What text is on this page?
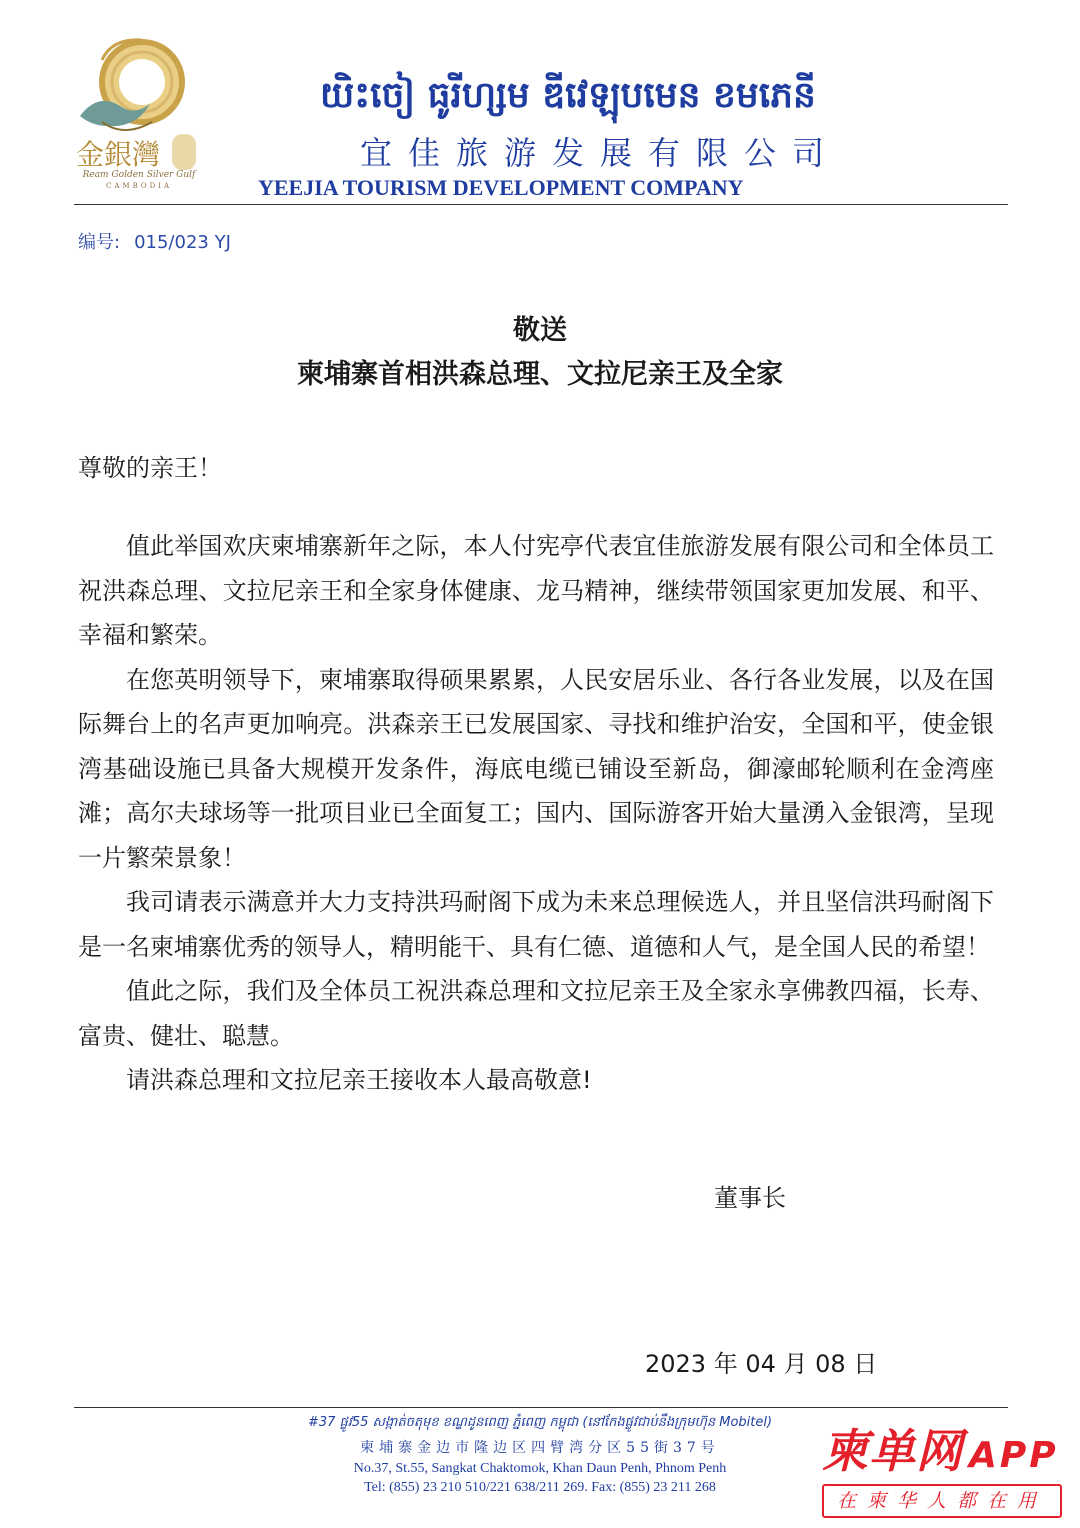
金銀灣
Ream Golden Silver Gulf
CAMBODIA
យិះចៀ ធូរីហ្សម ឌីវេឡុបមេន ខមភេនី
宜佳旅游发展有限公司
YEEJIA TOURISM DEVELOPMENT COMPANY
编号: 015/023 YJ
敬送
柬埔寨首相洪森总理、文拉尼亲王及全家
尊敬的亲王！

值此举国欢庆柬埔寨新年之际，本人付宪亭代表宜佳旅游发展有限公司和全体员工祝洪森总理、文拉尼亲王和全家身体健康、龙马精神，继续带领国家更加发展、和平、幸福和繁荣。

在您英明领导下，柬埔寨取得硕果累累，人民安居乐业、各行各业发展，以及在国际舞台上的名声更加响亮。洪森亲王已发展国家、寻找和维护治安，全国和平，使金银湾基础设施已具备大规模开发条件，海底电缆已铺设至新岛，御濠邮轮顺利在金湾座滩；高尔夫球场等一批项目业已全面复工；国内、国际游客开始大量湧入金银湾，呈现一片繁荣景象！

我司请表示满意并大力支持洪玛耐阁下成为未来总理候选人，并且坚信洪玛耐阁下是一名柬埔寨优秀的领导人，精明能干、具有仁德、道德和人气，是全国人民的希望！

值此之际，我们及全体员工祝洪森总理和文拉尼亲王及全家永享佛教四福，长寿、富贵、健壮、聪慧。

请洪森总理和文拉尼亲王接收本人最高敬意!

董事长
2023 年 04 月 08 日
#37 ផ្លូវ55 សង្កាត់ចតុមុខ ខណ្ឌដូនពេញ ភ្នំពេញ កម្ពុជា (នៅកែងផ្លូវជាប់នឹងក្រុមហ៊ុន Mobitel)
柬埔寨金边市隆边区四臂湾分区55街37号
No.37, St.55, Sangkat Chaktomok, Khan Daun Penh, Phnom Penh
Tel: (855) 23 210 510/221 638/211 269. Fax: (855) 23 211 268
柬单网 APP
在柬华人都在用
